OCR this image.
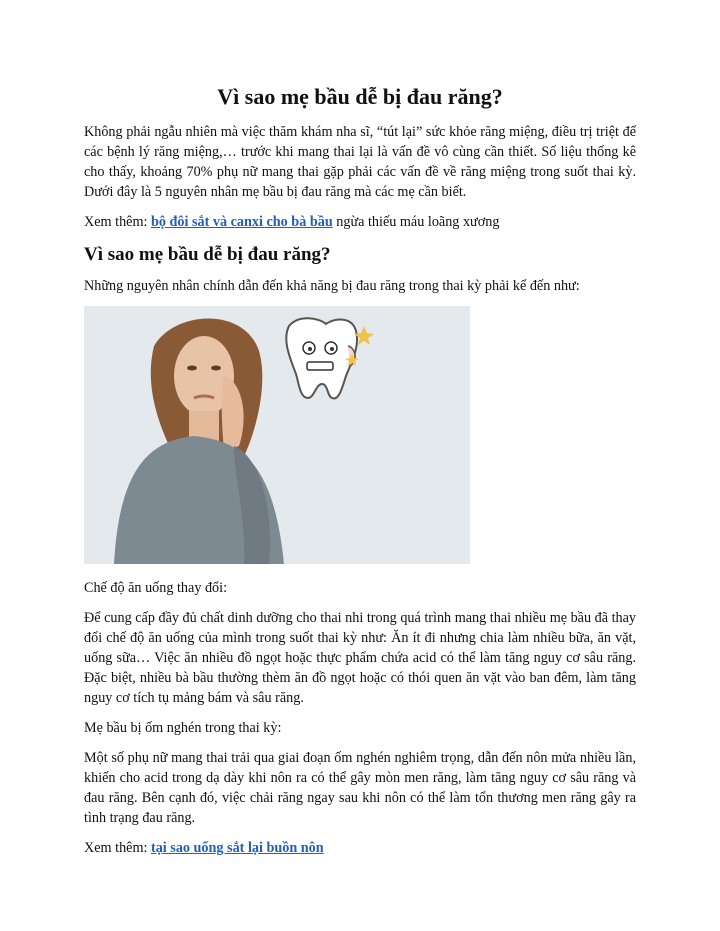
Vì sao mẹ bầu dễ bị đau răng?

Không phải ngẫu nhiên mà việc thăm khám nha sĩ, “tút lại” sức khỏe răng miệng, điều trị triệt để các bệnh lý răng miệng,… trước khi mang thai lại là vấn đề vô cùng cần thiết. Số liệu thống kê cho thấy, khoảng 70% phụ nữ mang thai gặp phải các vấn đề về răng miệng trong suốt thai kỳ. Dưới đây là 5 nguyên nhân mẹ bầu bị đau răng mà các mẹ cần biết.

Xem thêm: bộ đôi sắt và canxi cho bà bầu ngừa thiếu máu loãng xương

Vì sao mẹ bầu dễ bị đau răng?

Những nguyên nhân chính dẫn đến khả năng bị đau răng trong thai kỳ phải kể đến như:

Chế độ ăn uống thay đổi:

Để cung cấp đầy đủ chất dinh dưỡng cho thai nhi trong quá trình mang thai nhiều mẹ bầu đã thay đổi chế độ ăn uống của mình trong suốt thai kỳ như: Ăn ít đi nhưng chia làm nhiều bữa, ăn vặt, uống sữa… Việc ăn nhiều đồ ngọt hoặc thực phẩm chứa acid có thể làm tăng nguy cơ sâu răng. Đặc biệt, nhiều bà bầu thường thèm ăn đồ ngọt hoặc có thói quen ăn vặt vào ban đêm, làm tăng nguy cơ tích tụ mảng bám và sâu răng.

Mẹ bầu bị ốm nghén trong thai kỳ:

Một số phụ nữ mang thai trải qua giai đoạn ốm nghén nghiêm trọng, dẫn đến nôn mửa nhiều lần, khiến cho acid trong dạ dày khi nôn ra có thể gây mòn men răng, làm tăng nguy cơ sâu răng và đau răng. Bên cạnh đó, việc chải răng ngay sau khi nôn có thể làm tổn thương men răng gây ra tình trạng đau răng.

Xem thêm: tại sao uống sắt lại buồn nôn
